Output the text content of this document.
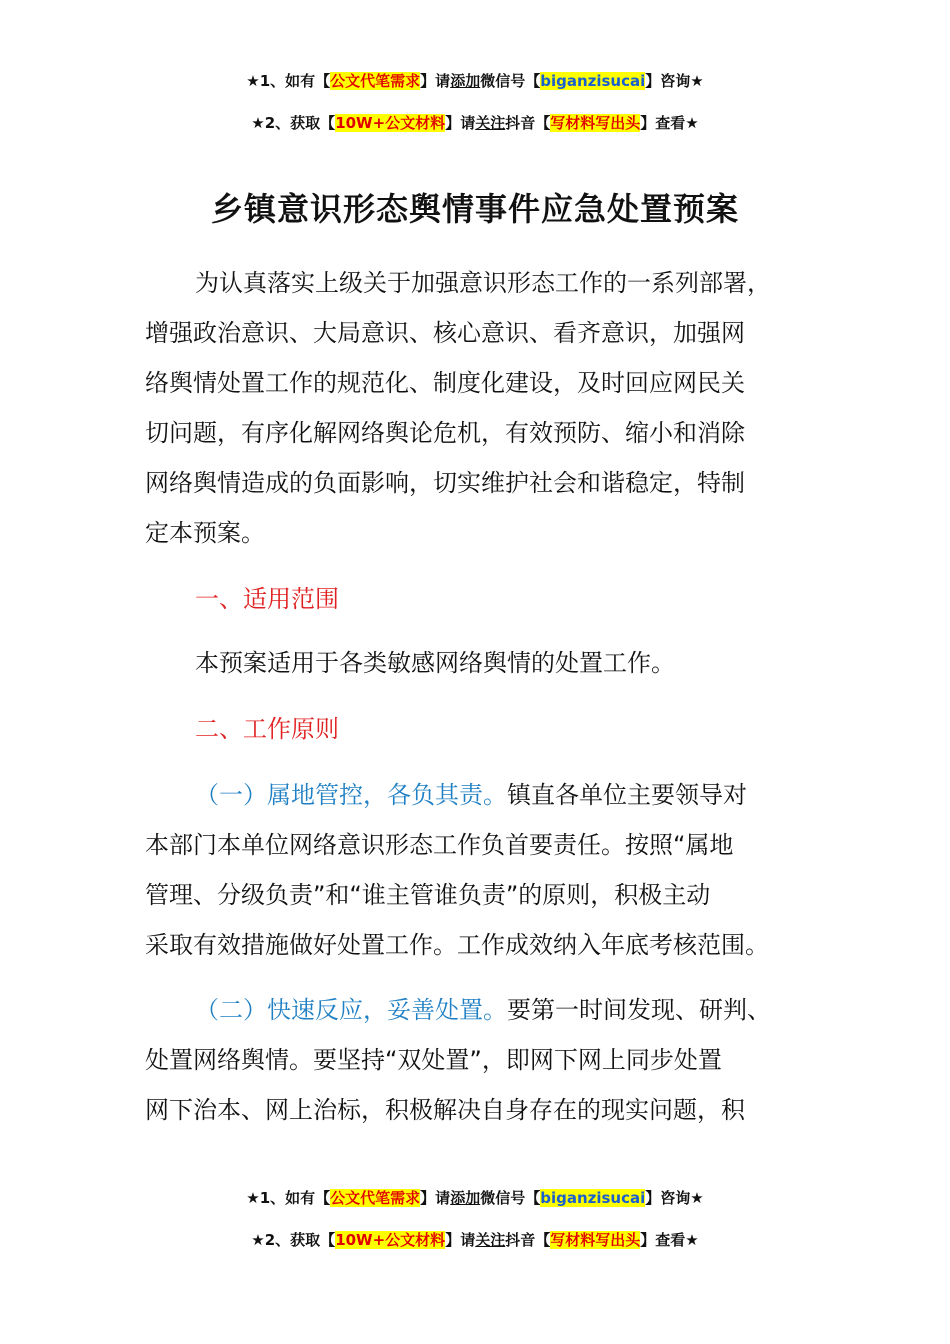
★1、如有【公文代笔需求】请添加微信号【biganzisucai】咨询★
★2、获取【10W+公文材料】请关注抖音【写材料写出头】查看★
乡镇意识形态舆情事件应急处置预案
为认真落实上级关于加强意识形态工作的一系列部署，
增强政治意识、大局意识、核心意识、看齐意识，加强网
络舆情处置工作的规范化、制度化建设，及时回应网民关
切问题，有序化解网络舆论危机，有效预防、缩小和消除
网络舆情造成的负面影响，切实维护社会和谐稳定，特制
定本预案。
一、适用范围
本预案适用于各类敏感网络舆情的处置工作。
二、工作原则
（一）属地管控，各负其责。镇直各单位主要领导对
本部门本单位网络意识形态工作负首要责任。按照“属地
管理、分级负责”和“谁主管谁负责”的原则，积极主动
采取有效措施做好处置工作。工作成效纳入年底考核范围。
（二）快速反应，妥善处置。要第一时间发现、研判、
处置网络舆情。要坚持“双处置”，即网下网上同步处置
网下治本、网上治标，积极解决自身存在的现实问题，积
★1、如有【公文代笔需求】请添加微信号【biganzisucai】咨询★
★2、获取【10W+公文材料】请关注抖音【写材料写出头】查看★
